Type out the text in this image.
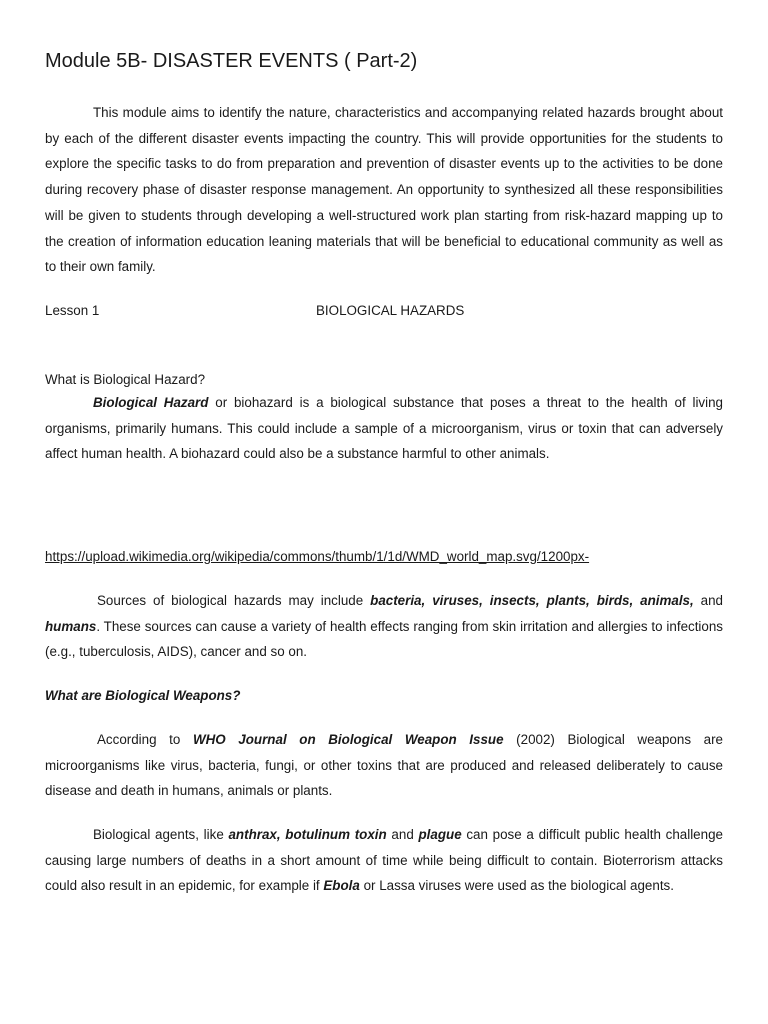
Module 5B- DISASTER EVENTS ( Part-2)

This module aims to identify the nature, characteristics and accompanying related hazards brought about by each of the different disaster events impacting the country. This will provide opportunities for the students to explore the specific tasks to do from preparation and prevention of disaster events up to the activities to be done during recovery phase of disaster response management. An opportunity to synthesized all these responsibilities will be given to students through developing a well-structured work plan starting from risk-hazard mapping up to the creation of information education leaning materials that will be beneficial to educational community as well as to their own family.

Lesson 1	BIOLOGICAL HAZARDS
What is Biological Hazard?

Biological Hazard or biohazard is a biological substance that poses a threat to the health of living organisms, primarily humans. This could include a sample of a microorganism, virus or toxin that can adversely affect human health. A biohazard could also be a substance harmful to other animals.

https://upload.wikimedia.org/wikipedia/commons/thumb/1/1d/WMD_world_map.svg/1200px-

Sources of biological hazards may include bacteria, viruses, insects, plants, birds, animals, and humans. These sources can cause a variety of health effects ranging from skin irritation and allergies to infections (e.g., tuberculosis, AIDS), cancer and so on.

What are Biological Weapons?

According to WHO Journal on Biological Weapon Issue (2002) Biological weapons are microorganisms like virus, bacteria, fungi, or other toxins that are produced and released deliberately to cause disease and death in humans, animals or plants.

Biological agents, like anthrax, botulinum toxin and plague can pose a difficult public health challenge causing large numbers of deaths in a short amount of time while being difficult to contain. Bioterrorism attacks could also result in an epidemic, for example if Ebola or Lassa viruses were used as the biological agents.
